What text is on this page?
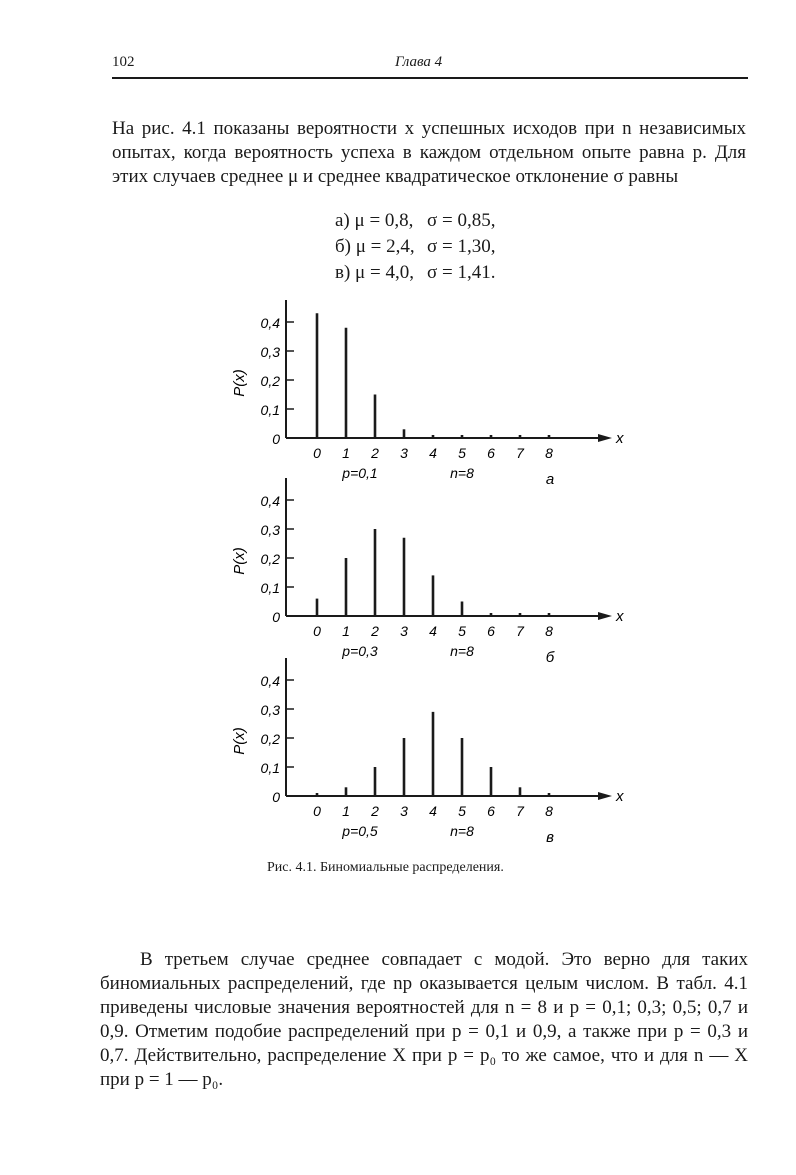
102	Глава 4

На рис. 4.1 показаны вероятности x успешных исходов при n независимых опытах, когда вероятность успеха в каждом отдельном опыте равна p. Для этих случаев среднее μ и среднее квадратическое отклонение σ равны

а) μ = 0,8, σ = 0,85,
б) μ = 2,4, σ = 1,30,
в) μ = 4,0, σ = 1,41.
x
0
0,1
0,2
0,3
0,4
P(x)
0 1 2 3 4 5 6 7 8
p=0,1	n=8	a
x
0
0,1
0,2
0,3
0,4
P(x)
0 1 2 3 4 5 6 7 8
p=0,3	n=8	б
x
0
0,1
0,2
0,3
0,4
P(x)
0 1 2 3 4 5 6 7 8
p=0,5	n=8	в
Рис. 4.1. Биномиальные распределения.

В третьем случае среднее совпадает с модой. Это верно для таких биномиальных распределений, где np оказывается целым числом. В табл. 4.1 приведены числовые значения вероятностей для n = 8 и p = 0,1; 0,3; 0,5; 0,7 и 0,9. Отметим подобие распределений при p = 0,1 и 0,9, а также при p = 0,3 и 0,7. Действительно, распределение X при p = p₀ то же самое, что и для n — X при p = 1 — p₀.
